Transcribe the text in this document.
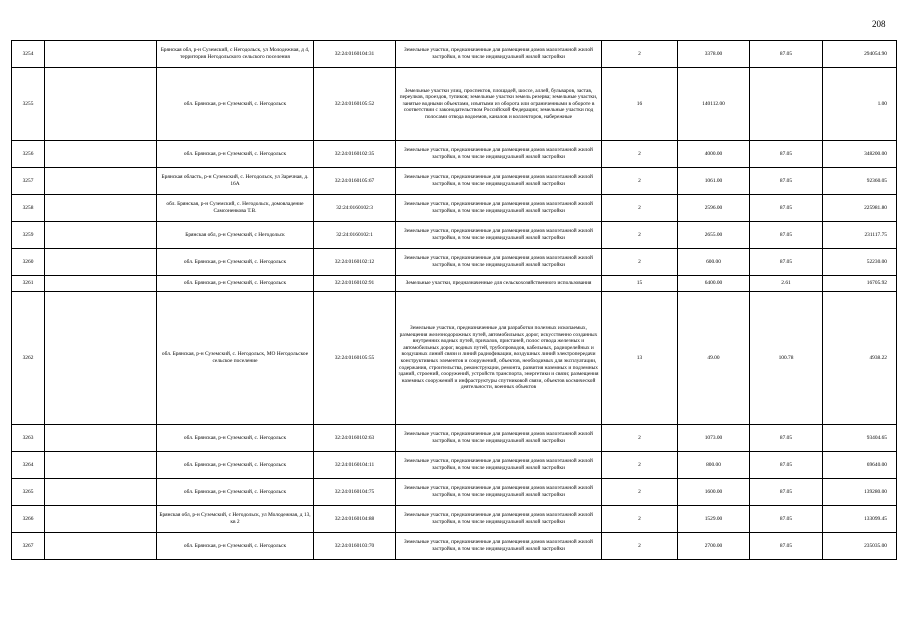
208
3254		Брянская обл, р-н Суземский, с Негодольск, ул Молодежная, д 4, территория Негодольского сельского поселения	32:24:0160104:31	Земельные участки, предназначенные для размещения домов малоэтажной жилой застройки, в том числе индивидуальной жилой застройки	2	3378.00	87.05	294054.90
3255		обл. Брянская, р-н Суземский, с. Негодольск	32:24:0160105:52	Земельные участки улиц, проспектов, площадей, шоссе, аллей, бульваров, застав, переулков, проездов, тупиков; земельные участки земель резерва; земельные участки, занятые водными объектами, изъятыми из оборота или ограниченными в обороте в соответствии с законодательством Российской Федерации; земельные участки под полосами отвода водоемов, каналов и коллекторов, набережные	16	140112.00		1.00
3256		обл. Брянская, р-н Суземский, с. Негодольск	32:24:0160102:35	Земельные участки, предназначенные для размещения домов малоэтажной жилой застройки, в том числе индивидуальной жилой застройки	2	4000.00	87.05	348200.00
3257		Брянская область, р-н Суземский, с. Негодольск, ул Заречная, д. 16А	32:24:0160105:67	Земельные участки, предназначенные для размещения домов малоэтажной жилой застройки, в том числе индивидуальной жилой застройки	2	1061.00	87.05	92360.05
3258		обл. Брянская, р-н Суземский, с. Негодольск, домовладение Самсоненкова Т.В.	32:24:0160102:3	Земельные участки, предназначенные для размещения домов малоэтажной жилой застройки, в том числе индивидуальной жилой застройки	2	2596.00	87.05	225981.80
3259		Брянская обл, р-н Суземский, с Негодольск	32:24:0160102:1	Земельные участки, предназначенные для размещения домов малоэтажной жилой застройки, в том числе индивидуальной жилой застройки	2	2655.00	87.05	231117.75
3260		обл. Брянская, р-н Суземский, с. Негодольск	32:24:0160102:12	Земельные участки, предназначенные для размещения домов малоэтажной жилой застройки, в том числе индивидуальной жилой застройки	2	600.00	87.05	52230.00
3261		обл. Брянская, р-н Суземский, с. Негодольск	32:24:0160102:91	Земельные участки, предназначенные для сельскохозяйственного использования	15	6400.00	2.61	16705.92
3262		обл. Брянская, р-н Суземский, с. Негодольск, МО Негодольское сельское поселение	32:24:0160105:55	Земельные участки, предназначенные для разработки полезных ископаемых, размещения железнодорожных путей, автомобильных дорог, искусственно созданных внутренних водных путей, причалов, пристаней, полос отвода железных и автомобильных дорог, водных путей, трубопроводов, кабельных, радиорелейных и воздушных линий связи и линий радиофикации, воздушных линий электропередачи конструктивных элементов и сооружений, объектов, необходимых для эксплуатации, содержания, строительства, реконструкции, ремонта, развития наземных и подземных зданий, строений, сооружений, устройств транспорта, энергетики и связи; размещения наземных сооружений и инфраструктуры спутниковой связи, объектов космической деятельности, военных объектов	13	49.00	100.78	4938.22
3263		обл. Брянская, р-н Суземский, с. Негодольск	32:24:0160102:63	Земельные участки, предназначенные для размещения домов малоэтажной жилой застройки, в том числе индивидуальной жилой застройки	2	1073.00	87.05	93404.65
3264		обл. Брянская, р-н Суземский, с. Негодольск	32:24:0160104:11	Земельные участки, предназначенные для размещения домов малоэтажной жилой застройки, в том числе индивидуальной жилой застройки	2	800.00	87.05	69640.00
3265		обл. Брянская, р-н Суземский, с. Негодольск	32:24:0160104:75	Земельные участки, предназначенные для размещения домов малоэтажной жилой застройки, в том числе индивидуальной жилой застройки	2	1600.00	87.05	139280.00
3266		Брянская обл, р-н Суземский, с Негодольск, ул Молодежная, д 13, кв 2	32:24:0160104:88	Земельные участки, предназначенные для размещения домов малоэтажной жилой застройки, в том числе индивидуальной жилой застройки	2	1529.00	87.05	133099.45
3267		обл. Брянская, р-н Суземский, с. Негодольск	32:24:0160103:70	Земельные участки, предназначенные для размещения домов малоэтажной жилой застройки, в том числе индивидуальной жилой застройки	2	2700.00	87.05	235035.00
